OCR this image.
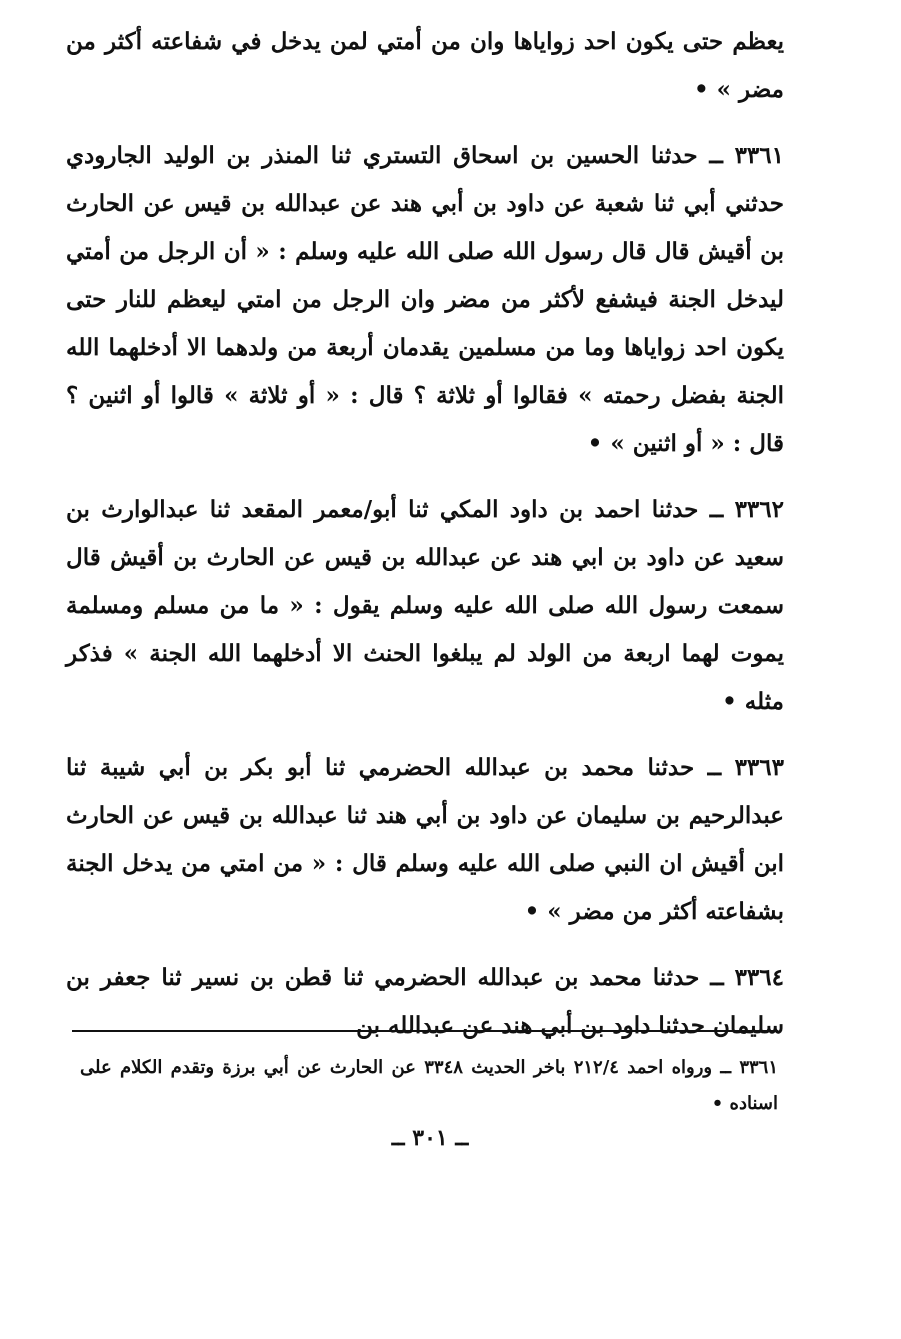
يعظم حتى يكون احد زواياها وان من أمتي لمن يدخل في شفاعته أكثر من مضر » •

٣٣٦١ ــ حدثنا الحسين بن اسحاق التستري ثنا المنذر بن الوليد الجارودي حدثني أبي ثنا شعبة عن داود بن أبي هند عن عبدالله بن قيس عن الحارث بن أقيش قال قال رسول الله صلى الله عليه وسلم : « أن الرجل من أمتي ليدخل الجنة فيشفع لأكثر من مضر وان الرجل من امتي ليعظم للنار حتى يكون احد زواياها وما من مسلمين يقدمان أربعة من ولدهما الا أدخلهما الله الجنة بفضل رحمته » فقالوا أو ثلاثة ؟ قال : « أو ثلاثة » قالوا أو اثنين ؟ قال : « أو اثنين » •

٣٣٦٢ ــ حدثنا احمد بن داود المكي ثنا أبو/معمر المقعد ثنا عبدالوارث بن سعيد عن داود بن ابي هند عن عبدالله بن قيس عن الحارث بن أقيش قال سمعت رسول الله صلى الله عليه وسلم يقول : « ما من مسلم ومسلمة يموت لهما اربعة من الولد لم يبلغوا الحنث الا أدخلهما الله الجنة » فذكر مثله •

٣٣٦٣ ــ حدثنا محمد بن عبدالله الحضرمي ثنا أبو بكر بن أبي شيبة ثنا عبدالرحيم بن سليمان عن داود بن أبي هند ثنا عبدالله بن قيس عن الحارث ابن أقيش ان النبي صلى الله عليه وسلم قال : « من امتي من يدخل الجنة بشفاعته أكثر من مضر » •

٣٣٦٤ ــ حدثنا محمد بن عبدالله الحضرمي ثنا قطن بن نسير ثنا جعفر بن سليمان حدثنا داود بن أبي هند عن عبدالله بن

٣٣٦١ ــ ورواه احمد ٢١٢/٤ باخر الحديث ٣٣٤٨ عن الحارث عن أبي برزة وتقدم الكلام على اسناده •

ــ ٣٠١ ــ
